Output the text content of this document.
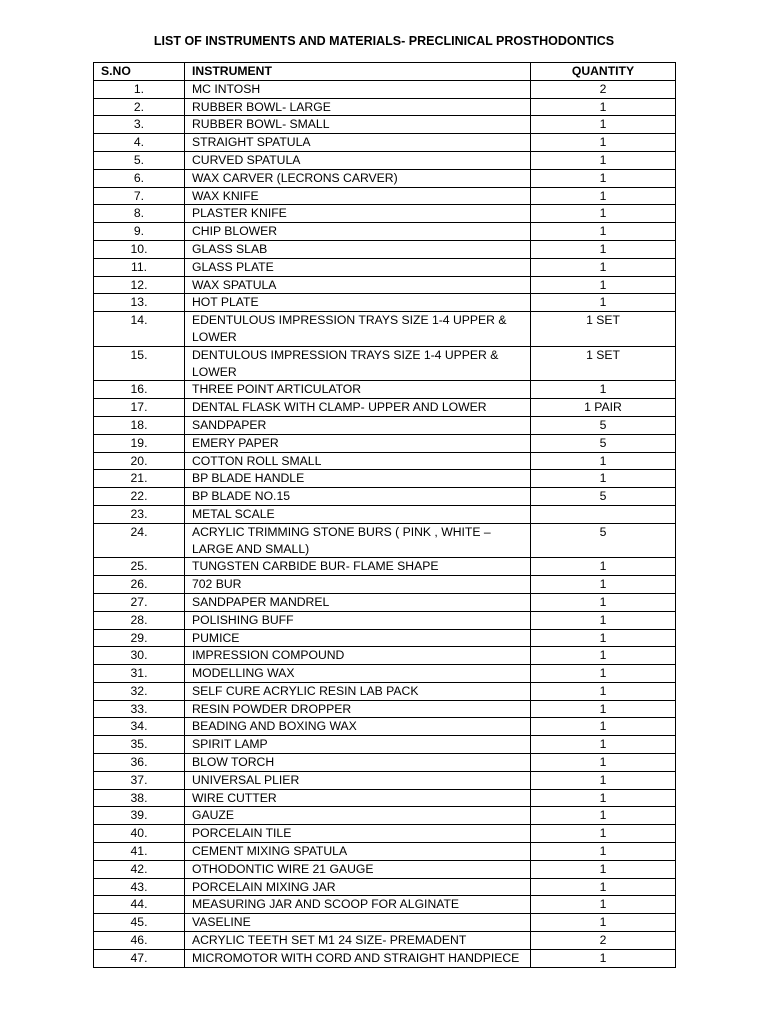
LIST OF INSTRUMENTS AND MATERIALS- PRECLINICAL PROSTHODONTICS
S.NO	INSTRUMENT	QUANTITY
1.	MC INTOSH	2
2.	RUBBER BOWL- LARGE	1
3.	RUBBER BOWL- SMALL	1
4.	STRAIGHT SPATULA	1
5.	CURVED SPATULA	1
6.	WAX CARVER (LECRONS CARVER)	1
7.	WAX KNIFE	1
8.	PLASTER KNIFE	1
9.	CHIP BLOWER	1
10.	GLASS SLAB	1
11.	GLASS PLATE	1
12.	WAX SPATULA	1
13.	HOT PLATE	1
14.	EDENTULOUS IMPRESSION TRAYS SIZE 1-4 UPPER & LOWER	1 SET
15.	DENTULOUS IMPRESSION TRAYS SIZE 1-4 UPPER & LOWER	1 SET
16.	THREE POINT ARTICULATOR	1
17.	DENTAL FLASK WITH CLAMP- UPPER AND LOWER	1 PAIR
18.	SANDPAPER	5
19.	EMERY PAPER	5
20.	COTTON ROLL SMALL	1
21.	BP BLADE HANDLE	1
22.	BP BLADE NO.15	5
23.	METAL SCALE	
24.	ACRYLIC TRIMMING STONE BURS ( PINK , WHITE –LARGE AND SMALL)	5
25.	TUNGSTEN CARBIDE BUR- FLAME SHAPE	1
26.	702 BUR	1
27.	SANDPAPER MANDREL	1
28.	POLISHING BUFF	1
29.	PUMICE	1
30.	IMPRESSION COMPOUND	1
31.	MODELLING WAX	1
32.	SELF CURE ACRYLIC RESIN LAB PACK	1
33.	RESIN POWDER DROPPER	1
34.	BEADING AND BOXING WAX	1
35.	SPIRIT LAMP	1
36.	BLOW TORCH	1
37.	UNIVERSAL PLIER	1
38.	WIRE CUTTER	1
39.	GAUZE	1
40.	PORCELAIN TILE	1
41.	CEMENT MIXING SPATULA	1
42.	OTHODONTIC WIRE 21 GAUGE	1
43.	PORCELAIN MIXING JAR	1
44.	MEASURING JAR AND SCOOP FOR ALGINATE	1
45.	VASELINE	1
46.	ACRYLIC TEETH SET M1 24 SIZE- PREMADENT	2
47.	MICROMOTOR WITH CORD AND STRAIGHT HANDPIECE	1
